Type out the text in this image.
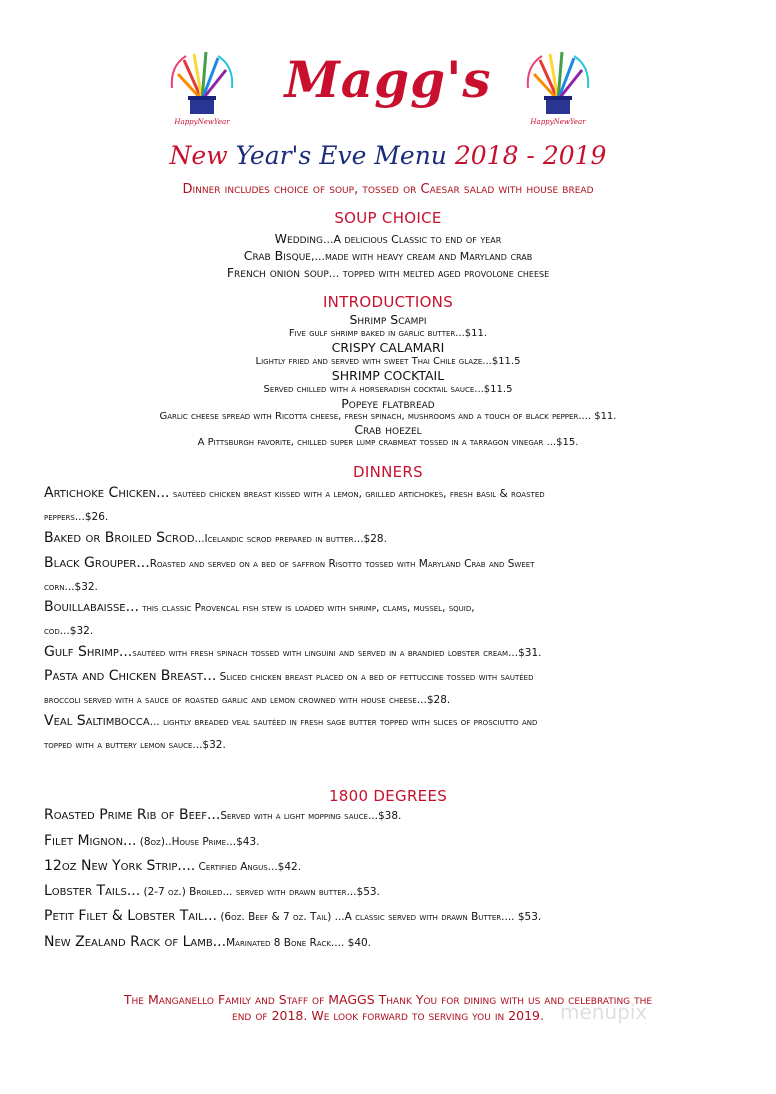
HappyNewYear	HappyNewYear
Magg's
New Year's Eve Menu 2018 - 2019
Dinner includes choice of soup, tossed or Caesar salad with house bread
SOUP CHOICE
Wedding...A delicious Classic to end of year
Crab Bisque,...made with heavy cream and Maryland crab
French onion soup... topped with melted aged provolone cheese
INTRODUCTIONS
Shrimp Scampi
Five gulf shrimp baked in garlic butter...$11.
CRISPY CALAMARI
Lightly fried and served with sweet Thai Chile glaze...$11.5
SHRIMP COCKTAIL
Served chilled with a horseradish cocktail sauce...$11.5
Popeye flatbread
Garlic cheese spread with Ricotta cheese, fresh spinach, mushrooms and a touch of black pepper.... $11.
Crab hoezel
A Pittsburgh favorite, chilled super lump crabmeat tossed in a tarragon vinegar ...$15.
DINNERS
Artichoke Chicken... sautéed chicken breast kissed with a lemon, grilled artichokes, fresh basil & roasted
peppers...$26.
Baked or Broiled Scrod...Icelandic scrod prepared in butter...$28.
Black Grouper...Roasted and served on a bed of saffron Risotto tossed with Maryland Crab and Sweet
corn...$32.
Bouillabaisse... this classic Provencal fish stew is loaded with shrimp, clams, mussel, squid,
cod...$32.
Gulf Shrimp...sautéed with fresh spinach tossed with linguini and served in a brandied lobster cream...$31.
Pasta and Chicken Breast... Sliced chicken breast placed on a bed of fettuccine tossed with sautéed
broccoli served with a sauce of roasted garlic and lemon crowned with house cheese...$28.
Veal Saltimbocca... lightly breaded veal sautéed in fresh sage butter topped with slices of prosciutto and
topped with a buttery lemon sauce...$32.
1800 DEGREES
Roasted Prime Rib of Beef...Served with a light mopping sauce...$38.
Filet Mignon... (8oz)..House Prime...$43.
12oz New York Strip.... Certified Angus...$42.
Lobster Tails... (2-7 oz.) Broiled... served with drawn butter...$53.
Petit Filet & Lobster Tail... (6oz. Beef & 7 oz. Tail) ...A classic served with drawn Butter.... $53.
New Zealand Rack of Lamb...Marinated 8 Bone Rack.... $40.
The Manganello Family and Staff of MAGGS Thank You for dining with us and celebrating the
end of 2018. We look forward to serving you in 2019. menupix
